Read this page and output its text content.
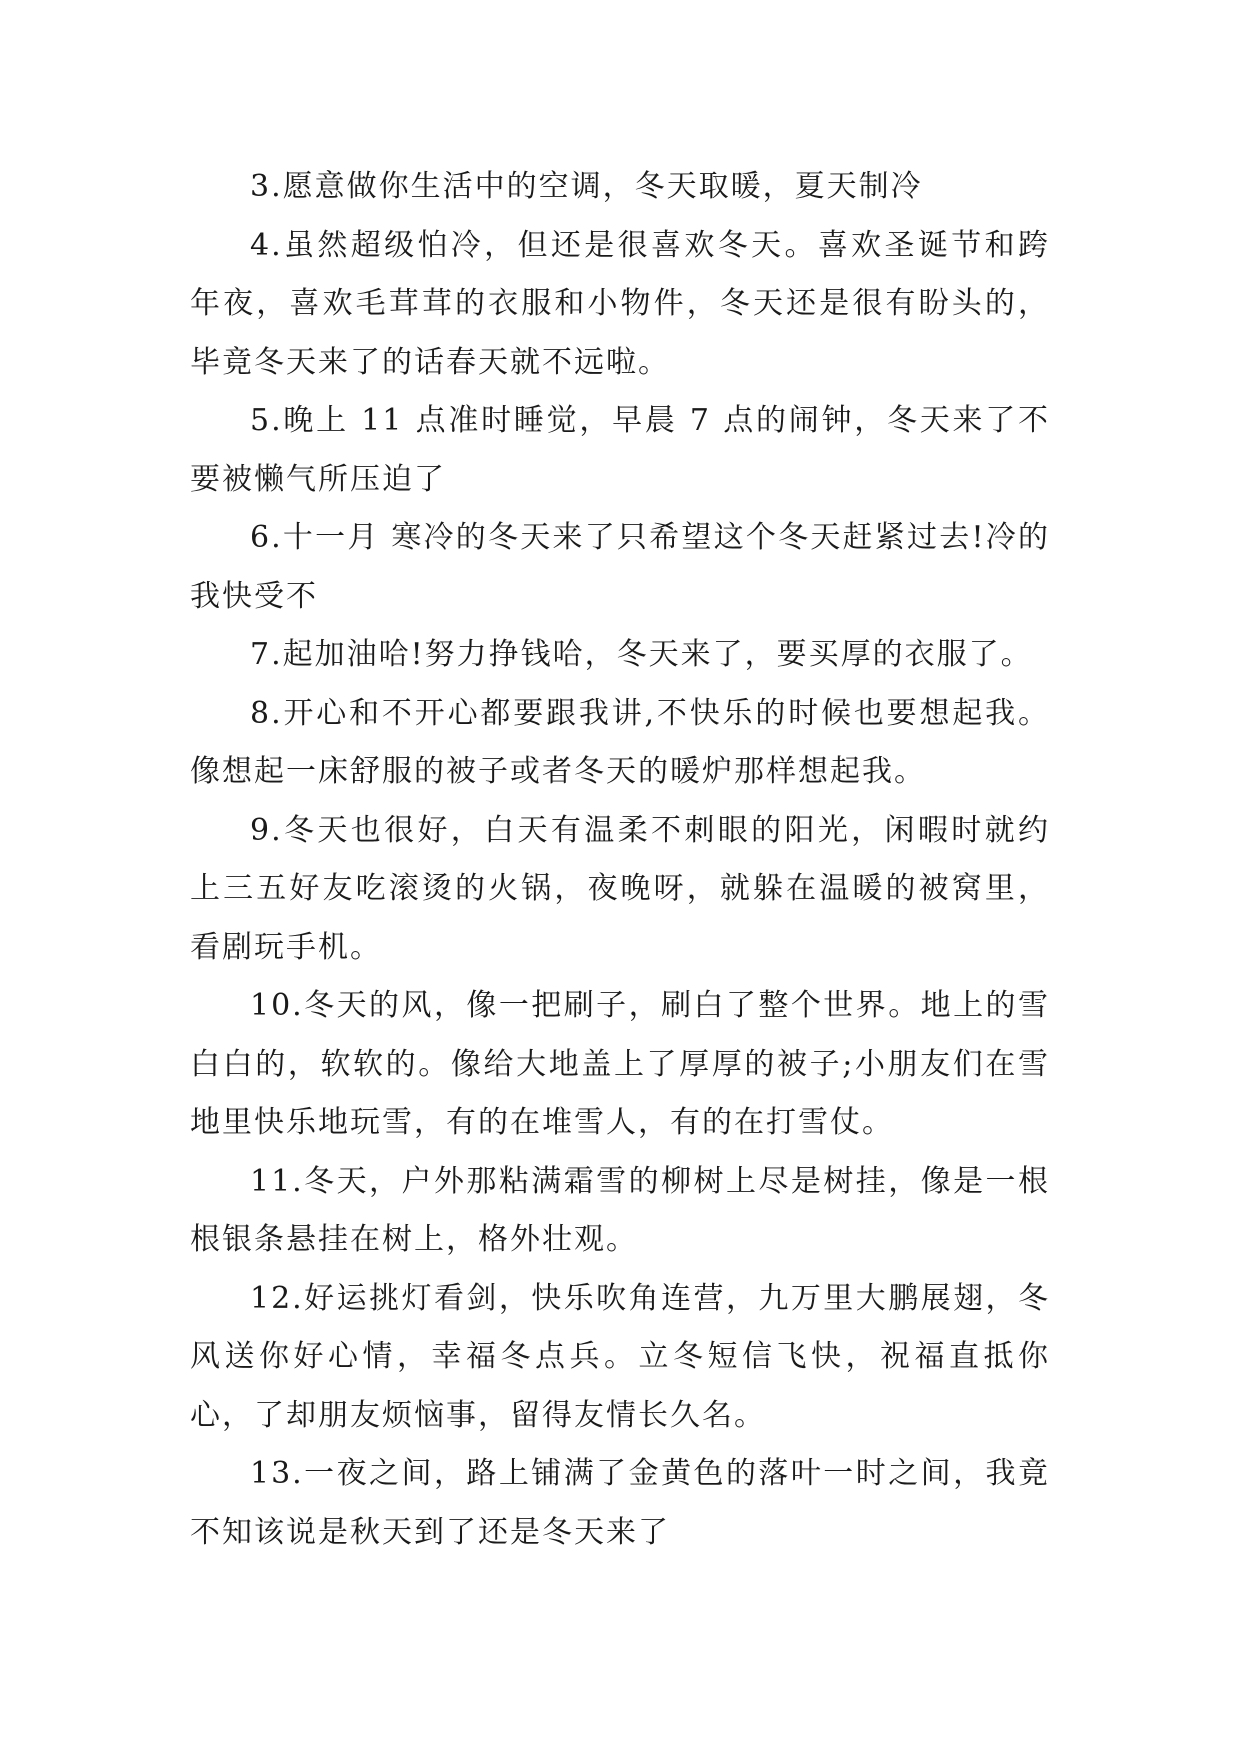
3.愿意做你生活中的空调，冬天取暖，夏天制冷

4.虽然超级怕冷，但还是很喜欢冬天。喜欢圣诞节和跨年夜，喜欢毛茸茸的衣服和小物件，冬天还是很有盼头的，毕竟冬天来了的话春天就不远啦。

5.晚上 11 点准时睡觉，早晨 7 点的闹钟，冬天来了不要被懒气所压迫了

6.十一月 寒冷的冬天来了只希望这个冬天赶紧过去!冷的我快受不

7.起加油哈!努力挣钱哈，冬天来了，要买厚的衣服了。

8.开心和不开心都要跟我讲,不快乐的时候也要想起我。像想起一床舒服的被子或者冬天的暖炉那样想起我。

9.冬天也很好，白天有温柔不刺眼的阳光，闲暇时就约上三五好友吃滚烫的火锅，夜晚呀，就躲在温暖的被窝里，看剧玩手机。

10.冬天的风，像一把刷子，刷白了整个世界。地上的雪白白的，软软的。像给大地盖上了厚厚的被子;小朋友们在雪地里快乐地玩雪，有的在堆雪人，有的在打雪仗。

11.冬天，户外那粘满霜雪的柳树上尽是树挂，像是一根根银条悬挂在树上，格外壮观。

12.好运挑灯看剑，快乐吹角连营，九万里大鹏展翅，冬风送你好心情，幸福冬点兵。立冬短信飞快，祝福直抵你心，了却朋友烦恼事，留得友情长久名。

13.一夜之间，路上铺满了金黄色的落叶一时之间，我竟不知该说是秋天到了还是冬天来了
